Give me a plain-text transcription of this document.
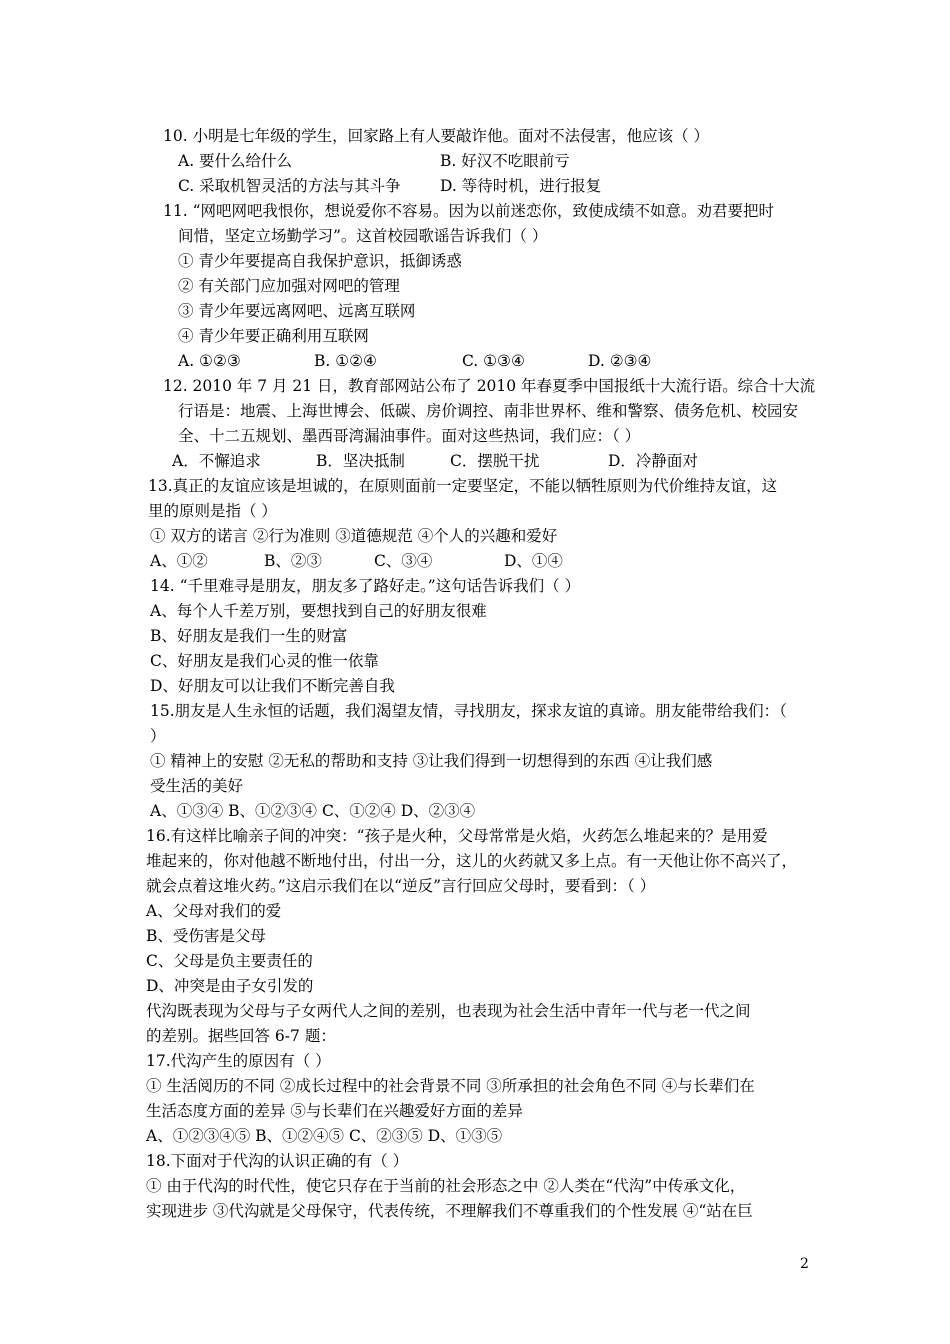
10. 小明是七年级的学生，回家路上有人要敲诈他。面对不法侵害，他应该（ ）
A. 要什么给什么	B. 好汉不吃眼前亏
C. 采取机智灵活的方法与其斗争	D. 等待时机，进行报复
11. “网吧网吧我恨你，想说爱你不容易。因为以前迷恋你，致使成绩不如意。劝君要把时
间惜，坚定立场勤学习”。这首校园歌谣告诉我们（ ）
① 青少年要提高自我保护意识，抵御诱惑
② 有关部门应加强对网吧的管理
③ 青少年要远离网吧、远离互联网
④ 青少年要正确利用互联网
A. ①②③	B. ①②④	C. ①③④	D. ②③④
12. 2010 年 7 月 21 日，教育部网站公布了 2010 年春夏季中国报纸十大流行语。综合十大流
行语是：地震、上海世博会、低碳、房价调控、南非世界杯、维和警察、债务危机、校园安
全、十二五规划、墨西哥湾漏油事件。面对这些热词，我们应：（ ）
A．不懈追求	B．坚决抵制	C．摆脱干扰	D．冷静面对
13.真正的友谊应该是坦诚的，在原则面前一定要坚定，不能以牺牲原则为代价维持友谊，这
里的原则是指（ ）
① 双方的诺言 ②行为准则 ③道德规范 ④个人的兴趣和爱好
A、①②	B、②③	C、③④	D、①④
14. “千里难寻是朋友，朋友多了路好走。”这句话告诉我们（ ）
A、每个人千差万别，要想找到自己的好朋友很难
B、好朋友是我们一生的财富
C、好朋友是我们心灵的惟一依靠
D、好朋友可以让我们不断完善自我
15.朋友是人生永恒的话题，我们渴望友情，寻找朋友，探求友谊的真谛。朋友能带给我们：（
）
① 精神上的安慰 ②无私的帮助和支持 ③让我们得到一切想得到的东西 ④让我们感
受生活的美好
A、①③④ B、①②③④ C、①②④ D、②③④
16.有这样比喻亲子间的冲突：“孩子是火种，父母常常是火焰，火药怎么堆起来的？是用爱
堆起来的，你对他越不断地付出，付出一分，这儿的火药就又多上点。有一天他让你不高兴了，
就会点着这堆火药。”这启示我们在以“逆反”言行回应父母时，要看到：（ ）
A、父母对我们的爱
B、受伤害是父母
C、父母是负主要责任的
D、冲突是由子女引发的
代沟既表现为父母与子女两代人之间的差别，也表现为社会生活中青年一代与老一代之间
的差别。据些回答 6-7 题：
17.代沟产生的原因有（ ）
① 生活阅历的不同 ②成长过程中的社会背景不同 ③所承担的社会角色不同 ④与长辈们在
生活态度方面的差异 ⑤与长辈们在兴趣爱好方面的差异
A、①②③④⑤ B、①②④⑤ C、②③⑤ D、①③⑤
18.下面对于代沟的认识正确的有（ ）
① 由于代沟的时代性，使它只存在于当前的社会形态之中 ②人类在“代沟”中传承文化，
实现进步 ③代沟就是父母保守，代表传统，不理解我们不尊重我们的个性发展 ④“站在巨
2
